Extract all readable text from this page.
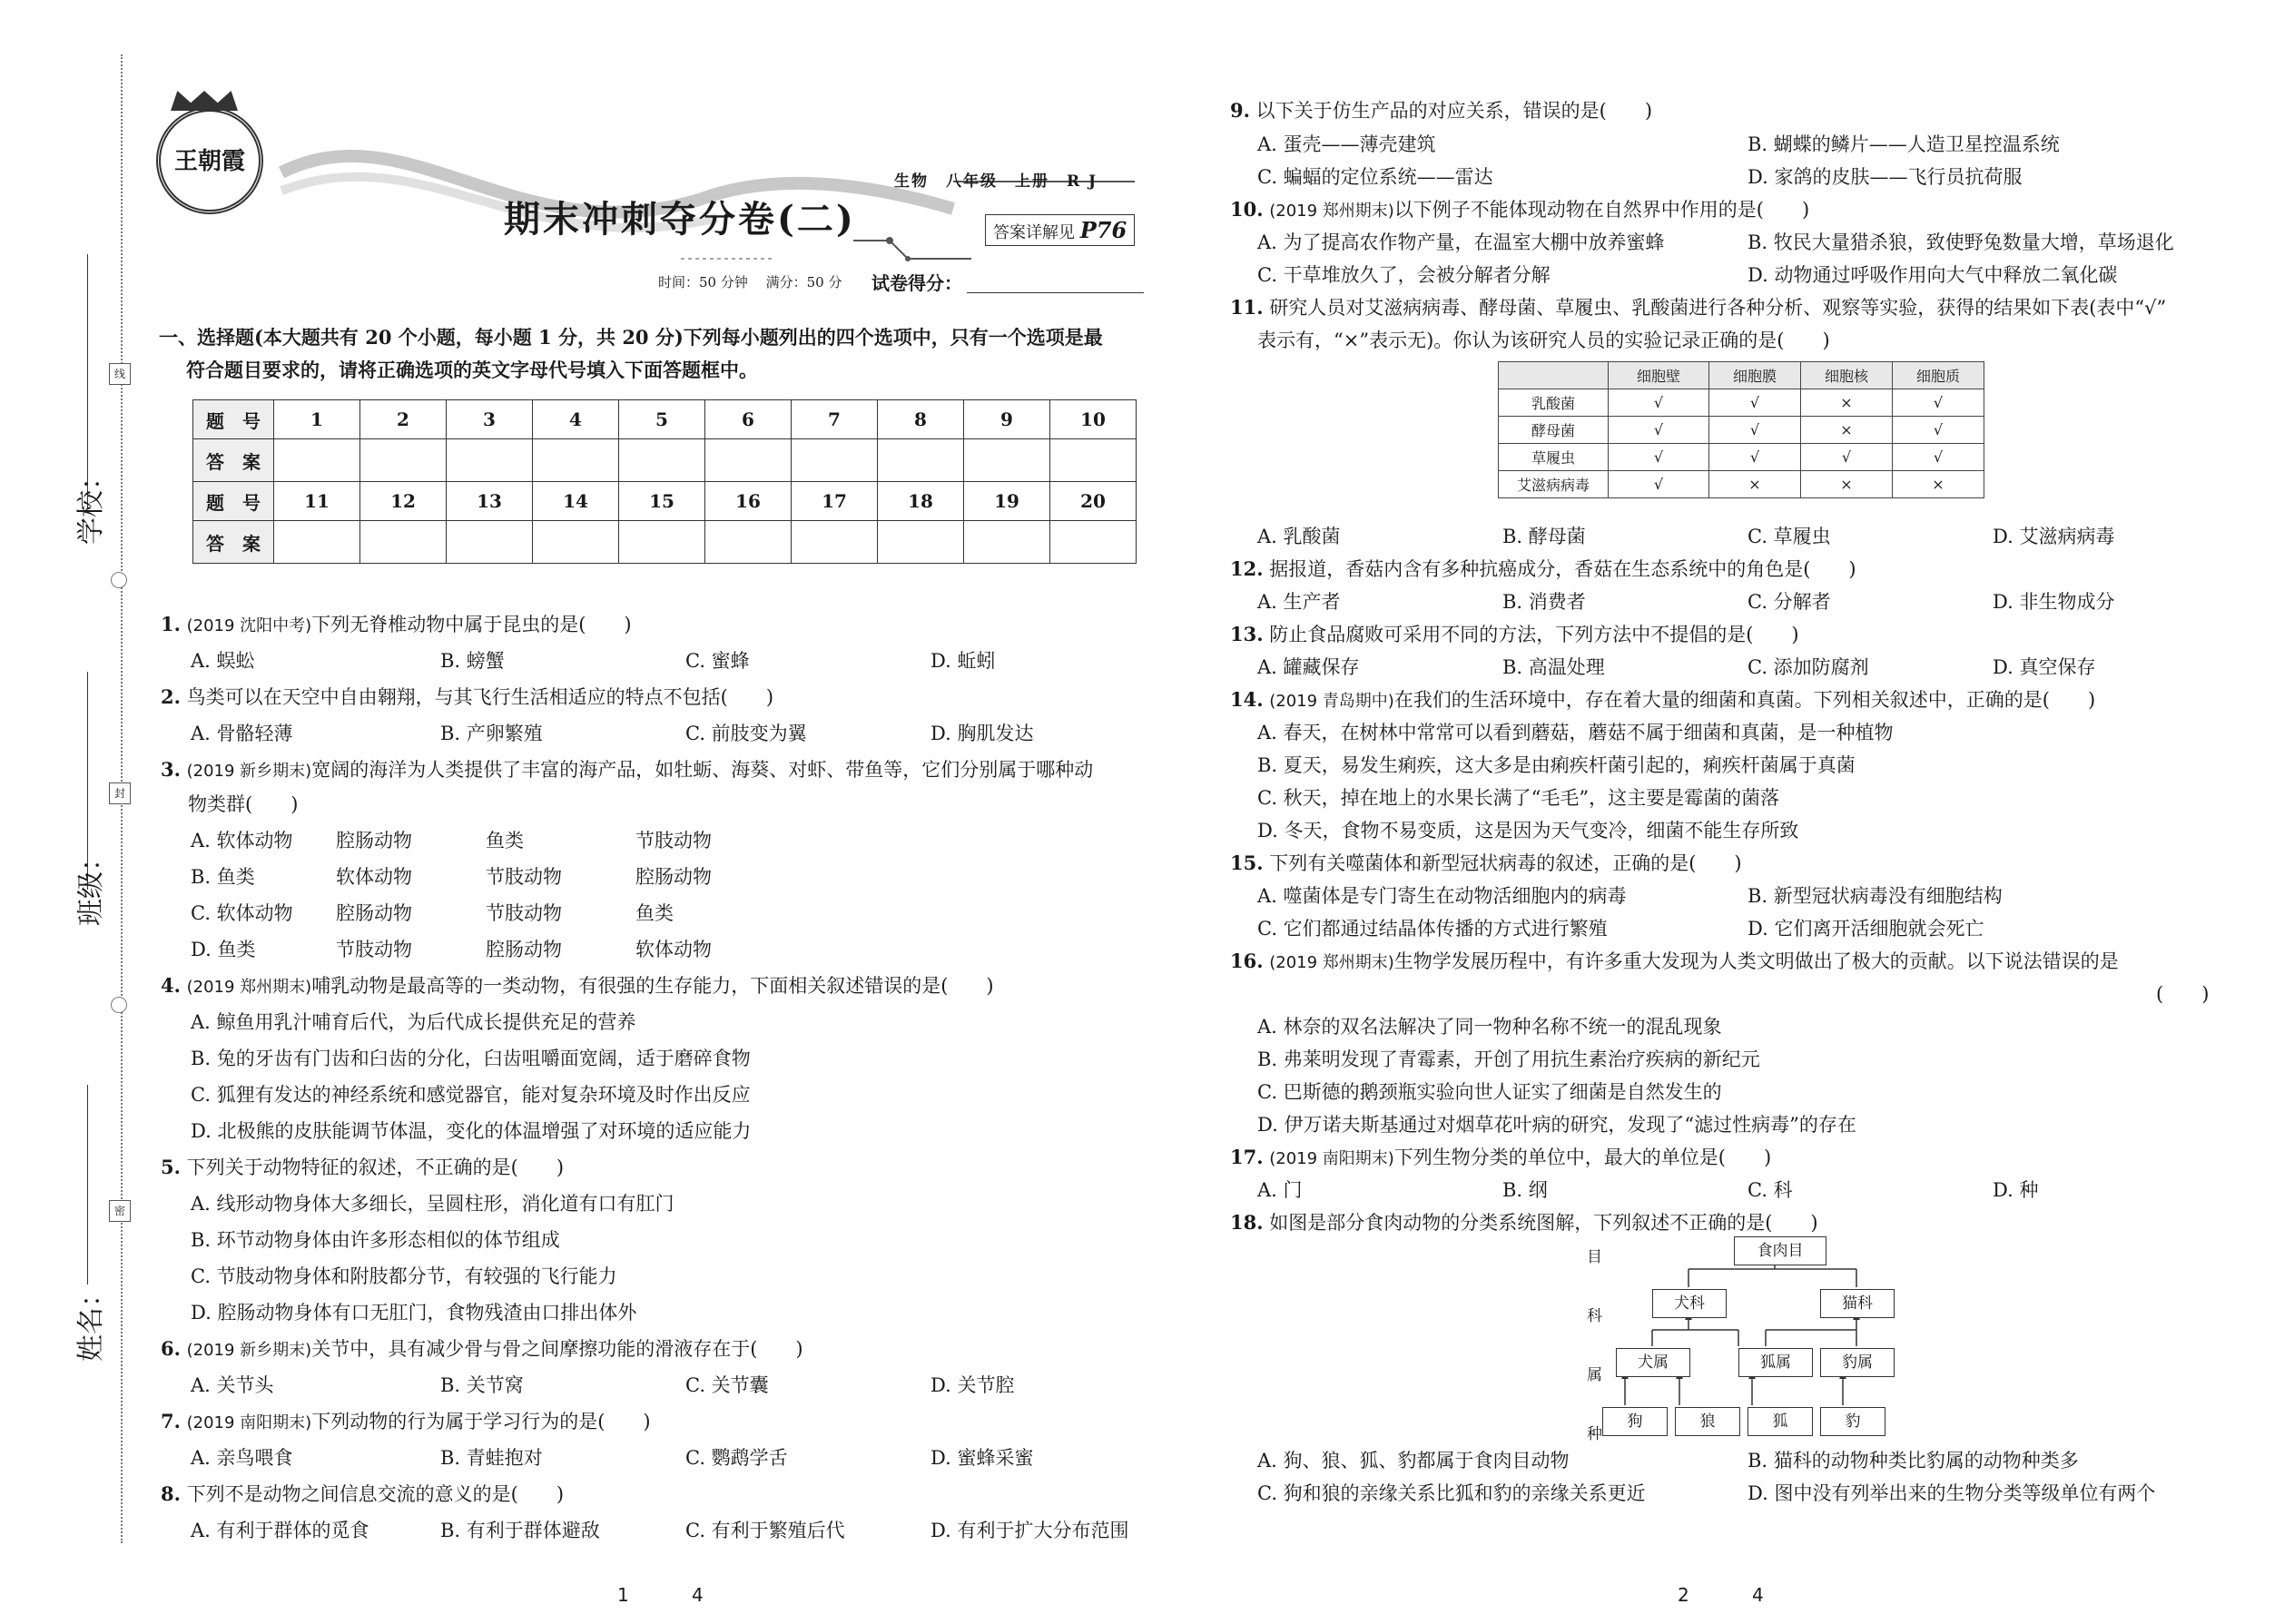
学校：
班级：
姓名：
线
封
密
王朝霞
生物　八年级　上册　R J
期末冲刺夺分卷(二)	答案详解见 P76
时间：50 分钟　 满分：50 分 试卷得分：
一、选择题(本大题共有 20 个小题，每小题 1 分，共 20 分)下列每小题列出的四个选项中，只有一个选项是最
符合题目要求的，请将正确选项的英文字母代号填入下面答题框中。
题　号	1	2	3	4	5	6	7	8	9	10
答　案										
题　号	11	12	13	14	15	16	17	18	19	20
答　案										
1. (2019 沈阳中考)下列无脊椎动物中属于昆虫的是(　　)
A. 蜈蚣	B. 螃蟹	C. 蜜蜂	D. 蚯蚓
2. 鸟类可以在天空中自由翱翔，与其飞行生活相适应的特点不包括(　　)
A. 骨骼轻薄	B. 产卵繁殖	C. 前肢变为翼	D. 胸肌发达
3. (2019 新乡期末)宽阔的海洋为人类提供了丰富的海产品，如牡蛎、海葵、对虾、带鱼等，它们分别属于哪种动
物类群(　　)
A. 软体动物 腔肠动物	鱼类	节肢动物
B. 鱼类	软体动物	节肢动物	腔肠动物
C. 软体动物 腔肠动物	节肢动物	鱼类
D. 鱼类	节肢动物	腔肠动物	软体动物
4. (2019 郑州期末)哺乳动物是最高等的一类动物，有很强的生存能力，下面相关叙述错误的是(　　)
A. 鲸鱼用乳汁哺育后代，为后代成长提供充足的营养
B. 兔的牙齿有门齿和臼齿的分化，臼齿咀嚼面宽阔，适于磨碎食物
C. 狐狸有发达的神经系统和感觉器官，能对复杂环境及时作出反应
D. 北极熊的皮肤能调节体温，变化的体温增强了对环境的适应能力
5. 下列关于动物特征的叙述，不正确的是(　　)
A. 线形动物身体大多细长，呈圆柱形，消化道有口有肛门
B. 环节动物身体由许多形态相似的体节组成
C. 节肢动物身体和附肢都分节，有较强的飞行能力
D. 腔肠动物身体有口无肛门，食物残渣由口排出体外
6. (2019 新乡期末)关节中，具有减少骨与骨之间摩擦功能的滑液存在于(　　)
A. 关节头	B. 关节窝	C. 关节囊	D. 关节腔
7. (2019 南阳期末)下列动物的行为属于学习行为的是(　　)
A. 亲鸟喂食	B. 青蛙抱对	C. 鹦鹉学舌	D. 蜜蜂采蜜
8. 下列不是动物之间信息交流的意义的是(　　)
A. 有利于群体的觅食	B. 有利于群体避敌	C. 有利于繁殖后代	D. 有利于扩大分布范围
1	4
9. 以下关于仿生产品的对应关系，错误的是(　　)
A. 蛋壳——薄壳建筑	B. 蝴蝶的鳞片——人造卫星控温系统
C. 蝙蝠的定位系统——雷达	D. 家鸽的皮肤——飞行员抗荷服
10. (2019 郑州期末)以下例子不能体现动物在自然界中作用的是(　　)
A. 为了提高农作物产量，在温室大棚中放养蜜蜂	B. 牧民大量猎杀狼，致使野兔数量大增，草场退化
C. 干草堆放久了，会被分解者分解	D. 动物通过呼吸作用向大气中释放二氧化碳
11. 研究人员对艾滋病病毒、酵母菌、草履虫、乳酸菌进行各种分析、观察等实验，获得的结果如下表(表中“√”
表示有，“×”表示无)。你认为该研究人员的实验记录正确的是(　　)
	细胞壁	细胞膜	细胞核	细胞质
乳酸菌	√	√	×	√
酵母菌	√	√	×	√
草履虫	√	√	√	√
艾滋病病毒	√	×	×	×
A. 乳酸菌	B. 酵母菌	C. 草履虫	D. 艾滋病病毒
12. 据报道，香菇内含有多种抗癌成分，香菇在生态系统中的角色是(　　)
A. 生产者	B. 消费者	C. 分解者	D. 非生物成分
13. 防止食品腐败可采用不同的方法，下列方法中不提倡的是(　　)
A. 罐藏保存	B. 高温处理	C. 添加防腐剂	D. 真空保存
14. (2019 青岛期中)在我们的生活环境中，存在着大量的细菌和真菌。下列相关叙述中，正确的是(　　)
A. 春天，在树林中常常可以看到蘑菇，蘑菇不属于细菌和真菌，是一种植物
B. 夏天，易发生痢疾，这大多是由痢疾杆菌引起的，痢疾杆菌属于真菌
C. 秋天，掉在地上的水果长满了“毛毛”，这主要是霉菌的菌落
D. 冬天，食物不易变质，这是因为天气变冷，细菌不能生存所致
15. 下列有关噬菌体和新型冠状病毒的叙述，正确的是(　　)
A. 噬菌体是专门寄生在动物活细胞内的病毒	B. 新型冠状病毒没有细胞结构
C. 它们都通过结晶体传播的方式进行繁殖	D. 它们离开活细胞就会死亡
16. (2019 郑州期末)生物学发展历程中，有许多重大发现为人类文明做出了极大的贡献。以下说法错误的是
(　　)
A. 林奈的双名法解决了同一物种名称不统一的混乱现象
B. 弗莱明发现了青霉素，开创了用抗生素治疗疾病的新纪元
C. 巴斯德的鹅颈瓶实验向世人证实了细菌是自然发生的
D. 伊万诺夫斯基通过对烟草花叶病的研究，发现了“滤过性病毒”的存在
17. (2019 南阳期末)下列生物分类的单位中，最大的单位是(　　)
A. 门	B. 纲	C. 科	D. 种
18. 如图是部分食肉动物的分类系统图解，下列叙述不正确的是(　　)
目
科
属
种
食肉目
犬科	猫科
犬属	狐属	豹属
狗	狼	狐	豹
A. 狗、狼、狐、豹都属于食肉目动物	B. 猫科的动物种类比豹属的动物种类多
C. 狗和狼的亲缘关系比狐和豹的亲缘关系更近	D. 图中没有列举出来的生物分类等级单位有两个
2	4
